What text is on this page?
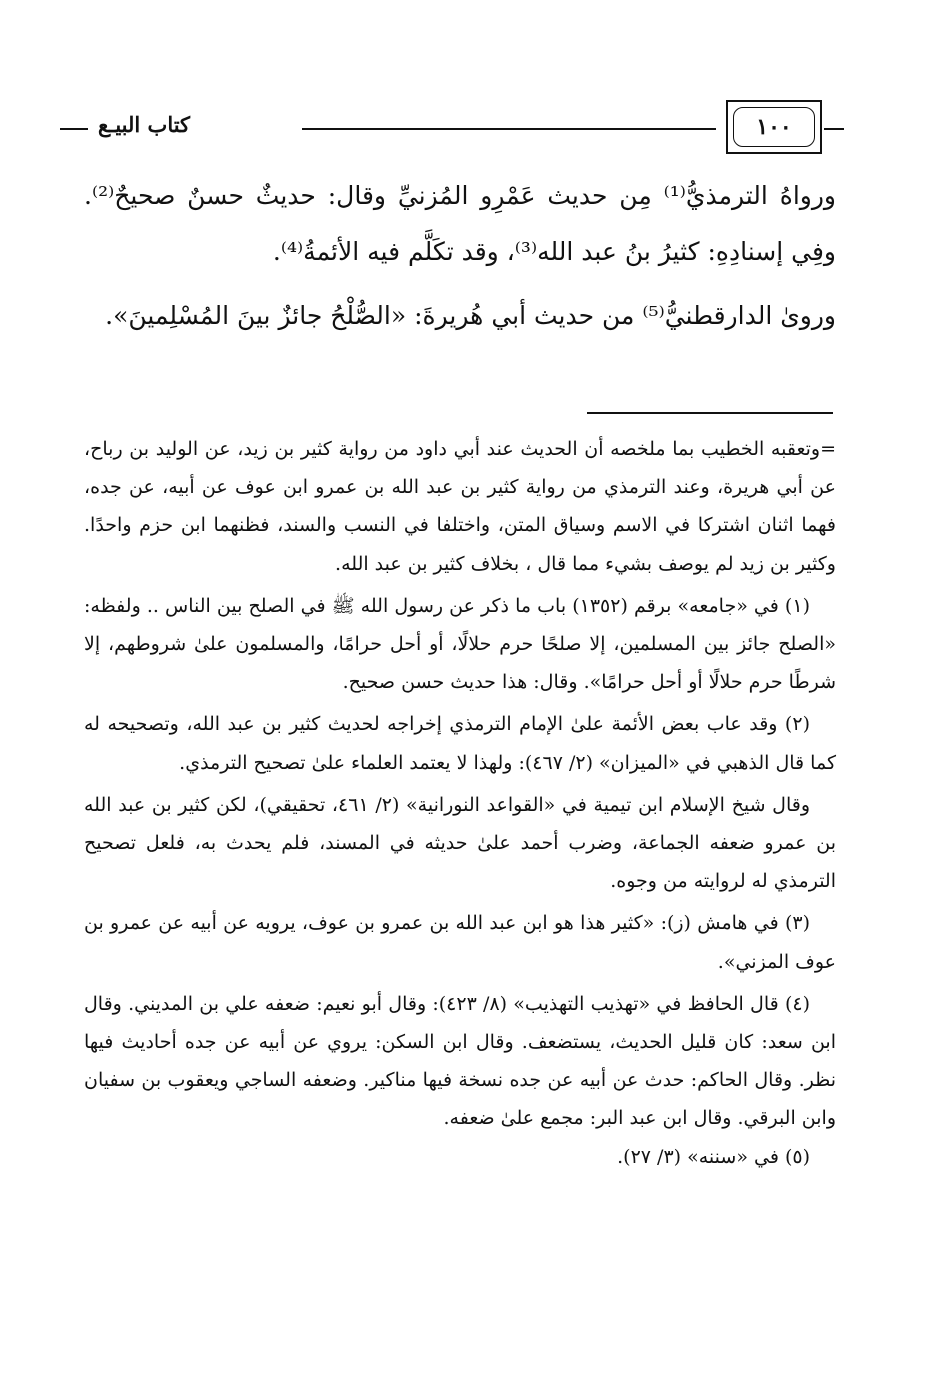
١٠٠
كتاب البيـع

ورواهُ الترمذيُّ⁽¹⁾ مِن حديث عَمْرِو المُزنيِّ وقال: حديثٌ حسنٌ صحيحٌ⁽²⁾. وفِي إسنادِهِ: كثيرُ بنُ عبد الله⁽³⁾، وقد تكَلَّم فيه الأئمةُ⁽⁴⁾.

وروىٰ الدارقطنيُّ⁽⁵⁾ من حديث أبي هُريرةَ: «الصُّلْحُ جائزٌ بينَ المُسْلِمينَ».

=وتعقبه الخطيب بما ملخصه أن الحديث عند أبي داود من رواية كثير بن زيد، عن الوليد بن رباح، عن أبي هريرة، وعند الترمذي من رواية كثير بن عبد الله بن عمرو ابن عوف عن أبيه، عن جده، فهما اثنان اشتركا في الاسم وسياق المتن، واختلفا في النسب والسند، فظنهما ابن حزم واحدًا. وكثير بن زيد لم يوصف بشيء مما قال ، بخلاف كثير بن عبد الله.

(١) في «جامعه» برقم (١٣٥٢) باب ما ذكر عن رسول الله ﷺ في الصلح بين الناس .. ولفظه: «الصلح جائز بين المسلمين، إلا صلحًا حرم حلالًا، أو أحل حرامًا، والمسلمون علىٰ شروطهم، إلا شرطًا حرم حلالًا أو أحل حرامًا». وقال: هذا حديث حسن صحيح.

(٢) وقد عاب بعض الأئمة علىٰ الإمام الترمذي إخراجه لحديث كثير بن عبد الله، وتصحيحه له كما قال الذهبي في «الميزان» (٢/ ٤٦٧): ولهذا لا يعتمد العلماء علىٰ تصحيح الترمذي.

وقال شيخ الإسلام ابن تيمية في «القواعد النورانية» (٢/ ٤٦١، تحقيقي)، لكن كثير بن عبد الله بن عمرو ضعفه الجماعة، وضرب أحمد علىٰ حديثه في المسند، فلم يحدث به، فلعل تصحيح الترمذي له لروايته من وجوه.

(٣) في هامش (ز): «كثير هذا هو ابن عبد الله بن عمرو بن عوف، يرويه عن أبيه عن عمرو بن عوف المزني».

(٤) قال الحافظ في «تهذيب التهذيب» (٨/ ٤٢٣): وقال أبو نعيم: ضعفه علي بن المديني. وقال ابن سعد: كان قليل الحديث، يستضعف. وقال ابن السكن: يروي عن أبيه عن جده أحاديث فيها نظر. وقال الحاكم: حدث عن أبيه عن جده نسخة فيها مناكير. وضعفه الساجي ويعقوب بن سفيان وابن البرقي. وقال ابن عبد البر: مجمع علىٰ ضعفه.

(٥) في «سننه» (٣/ ٢٧).
